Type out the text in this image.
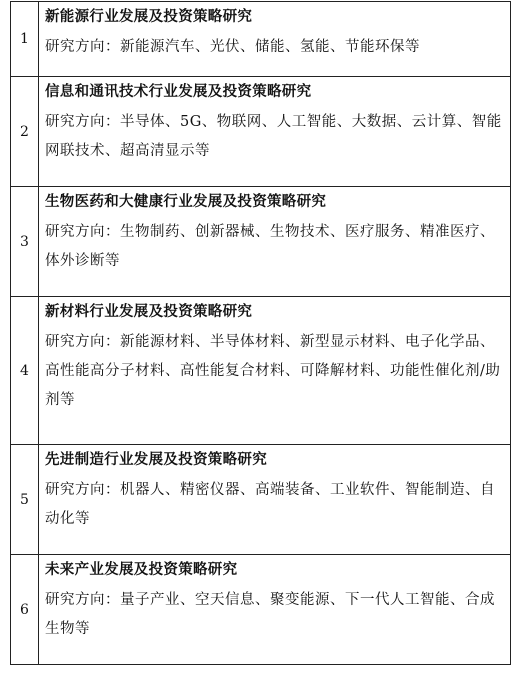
1	新能源行业发展及投资策略研究
研究方向：新能源汽车、光伏、储能、氢能、节能环保等

2	信息和通讯技术行业发展及投资策略研究
研究方向：半导体、5G、物联网、人工智能、大数据、云计算、智能网联技术、超高清显示等

3	生物医药和大健康行业发展及投资策略研究
研究方向：生物制药、创新器械、生物技术、医疗服务、精准医疗、体外诊断等

4	新材料行业发展及投资策略研究
研究方向：新能源材料、半导体材料、新型显示材料、电子化学品、高性能高分子材料、高性能复合材料、可降解材料、功能性催化剂/助剂等

5	先进制造行业发展及投资策略研究
研究方向：机器人、精密仪器、高端装备、工业软件、智能制造、自动化等

6	未来产业发展及投资策略研究
研究方向：量子产业、空天信息、聚变能源、下一代人工智能、合成生物等
